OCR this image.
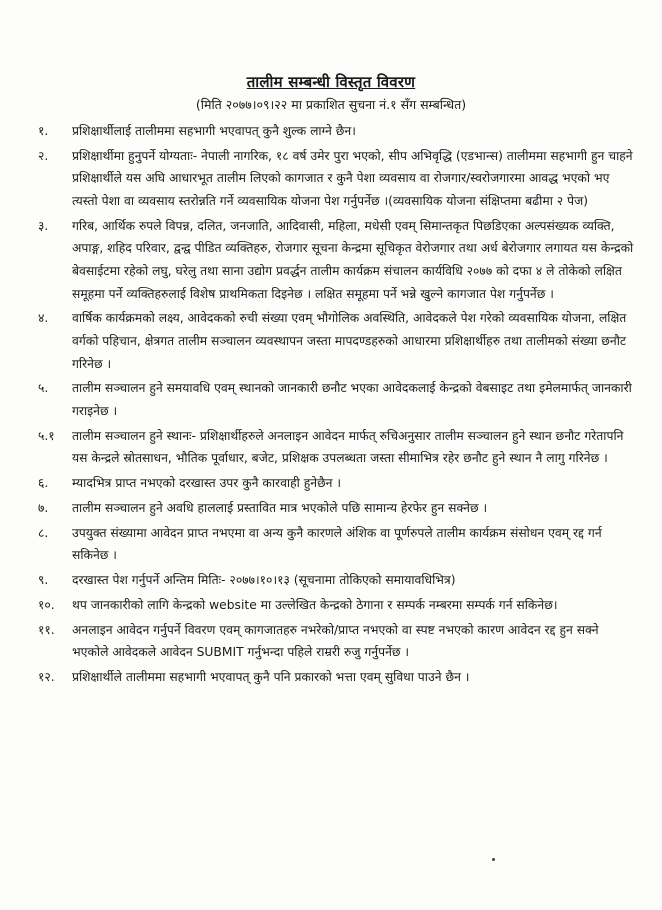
तालीम सम्बन्धी विस्तृत विवरण
(मिति २०७७।०९।२२ मा प्रकाशित सुचना नं.१ सँग सम्बन्धित)
१.	प्रशिक्षार्थीलाई तालीममा सहभागी भएवापत् कुनै शुल्क लाग्ने छैन।
२.	प्रशिक्षार्थीमा हुनुपर्ने योग्यताः- नेपाली नागरिक, १८ वर्ष उमेर पुरा भएको, सीप अभिवृद्धि (एडभान्स) तालीममा सहभागी हुन चाहने प्रशिक्षार्थीले यस अघि आधारभूत तालीम लिएको कागजात र कुनै पेशा व्यवसाय वा रोजगार/स्वरोजगारमा आवद्ध भएको भए त्यस्तो पेशा वा व्यवसाय स्तरोन्नति गर्ने व्यवसायिक योजना पेश गर्नुपर्नेछ ।(व्यवसायिक योजना संक्षिप्तमा बढीमा २ पेज)
३.	गरिब, आर्थिक रुपले विपन्न, दलित, जनजाति, आदिवासी, महिला, मधेसी एवम् सिमान्तकृत पिछडिएका अल्पसंख्यक व्यक्ति, अपाङ्ग, शहिद परिवार, द्वन्द्व पीडित व्यक्तिहरु, रोजगार सूचना केन्द्रमा सूचिकृत वेरोजगार तथा अर्ध बेरोजगार लगायत यस केन्द्रको बेवसाईटमा रहेको लघु, घरेलु तथा साना उद्योग प्रवर्द्धन तालीम कार्यक्रम संचालन कार्यविधि २०७७ को दफा ४ ले तोकेको लक्षित समूहमा पर्ने व्यक्तिहरुलाई विशेष प्राथमिकता दिइनेछ । लक्षित समूहमा पर्ने भन्ने खुल्ने कागजात पेश गर्नुपर्नेछ ।
४.	वार्षिक कार्यक्रमको लक्ष्य, आवेदकको रुची संख्या एवम् भौगोलिक अवस्थिति, आवेदकले पेश गरेको व्यवसायिक योजना, लक्षित वर्गको पहिचान, क्षेत्रगत तालीम सञ्चालन व्यवस्थापन जस्ता मापदण्डहरुको आधारमा प्रशिक्षार्थीहरु तथा तालीमको संख्या छनौट गरिनेछ ।
५.	तालीम सञ्चालन हुने समयावधि एवम् स्थानको जानकारी छनौट भएका आवेदकलाई केन्द्रको वेबसाइट तथा इमेलमार्फत् जानकारी गराइनेछ ।
५.१	तालीम सञ्चालन हुने स्थानः- प्रशिक्षार्थीहरुले अनलाइन आवेदन मार्फत् रुचिअनुसार तालीम सञ्चालन हुने स्थान छनौट गरेतापनि यस केन्द्रले स्रोतसाधन, भौतिक पूर्वाधार, बजेट, प्रशिक्षक उपलब्धता जस्ता सीमाभित्र रहेर छनौट हुने स्थान नै लागु गरिनेछ ।
६.	म्यादभित्र प्राप्त नभएको दरखास्त उपर कुनै कारवाही हुनेछैन ।
७.	तालीम सञ्चालन हुने अवधि हाललाई प्रस्तावित मात्र भएकोले पछि सामान्य हेरफेर हुन सक्नेछ ।
८.	उपयुक्त संख्यामा आवेदन प्राप्त नभएमा वा अन्य कुनै कारणले अंशिक वा पूर्णरुपले तालीम कार्यक्रम संसोधन एवम् रद्द गर्न सकिनेछ ।
९.	दरखास्त पेश गर्नुपर्ने अन्तिम मितिः- २०७७।१०।१३ (सूचनामा तोकिएको समायावधिभित्र)
१०.	थप जानकारीको लागि केन्द्रको website मा उल्लेखित केन्द्रको ठेगाना र सम्पर्क नम्बरमा सम्पर्क गर्न सकिनेछ।
११.	अनलाइन आवेदन गर्नुपर्ने विवरण एवम् कागजातहरु नभरेको/प्राप्त नभएको वा स्पष्ट नभएको कारण आवेदन रद्द हुन सक्ने भएकोले आवेदकले आवेदन SUBMIT गर्नुभन्दा पहिले राम्ररी रुजु गर्नुपर्नेछ ।
१२.	प्रशिक्षार्थीले तालीममा सहभागी भएवापत् कुनै पनि प्रकारको भत्ता एवम् सुविधा पाउने छैन ।
